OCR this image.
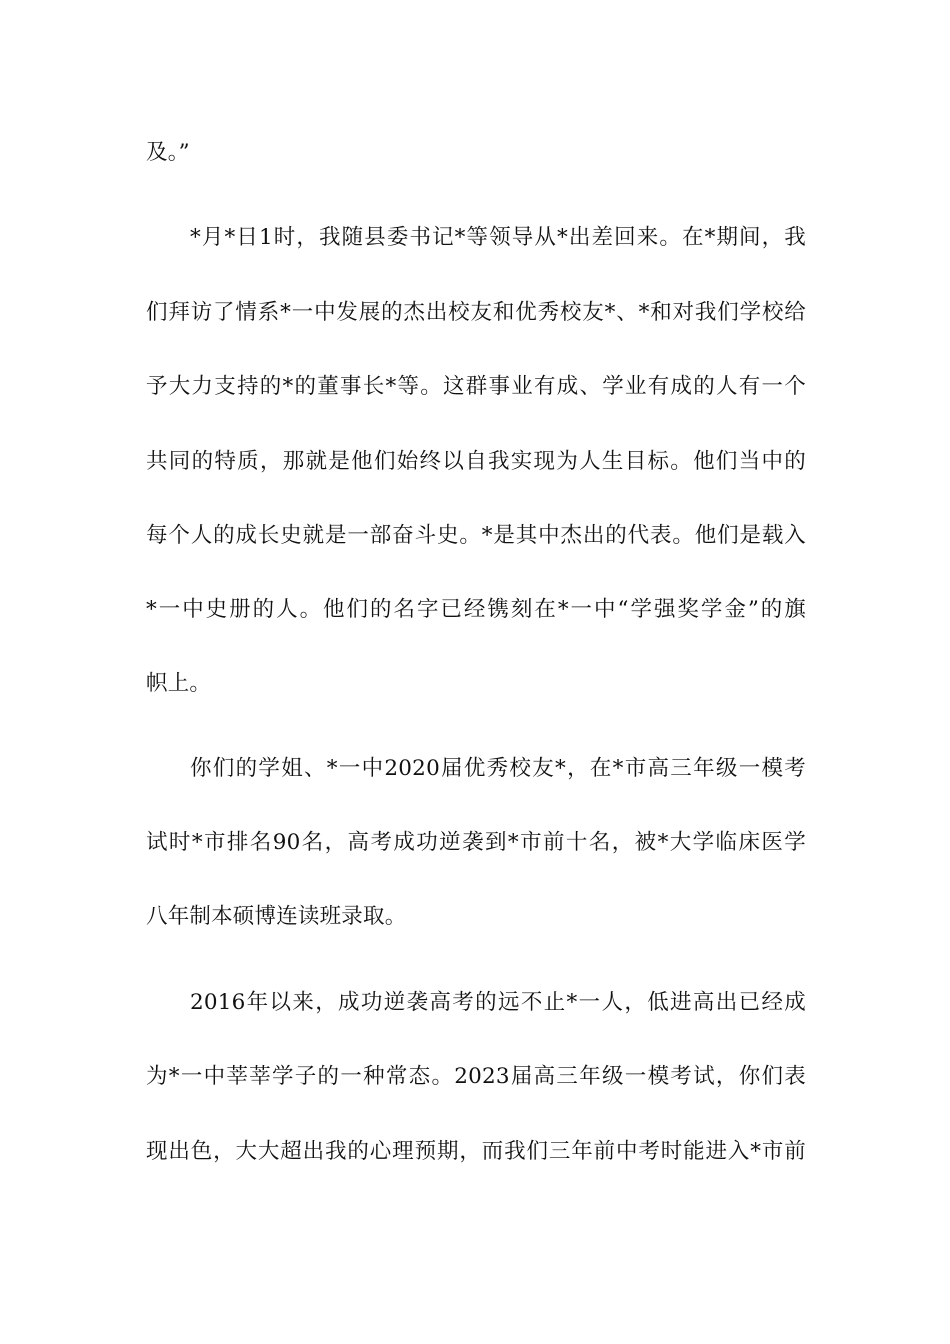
及。”
*月*日1时，我随县委书记*等领导从*出差回来。在*期间，我
们拜访了情系*一中发展的杰出校友和优秀校友*、*和对我们学校给
予大力支持的*的董事长*等。这群事业有成、学业有成的人有一个
共同的特质，那就是他们始终以自我实现为人生目标。他们当中的
每个人的成长史就是一部奋斗史。*是其中杰出的代表。他们是载入
*一中史册的人。他们的名字已经镌刻在*一中“学强奖学金”的旗
帜上。
你们的学姐、*一中2020届优秀校友*，在*市高三年级一模考
试时*市排名90名，高考成功逆袭到*市前十名，被*大学临床医学
八年制本硕博连读班录取。
2016年以来，成功逆袭高考的远不止*一人，低进高出已经成
为*一中莘莘学子的一种常态。2023届高三年级一模考试，你们表
现出色，大大超出我的心理预期，而我们三年前中考时能进入*市前
